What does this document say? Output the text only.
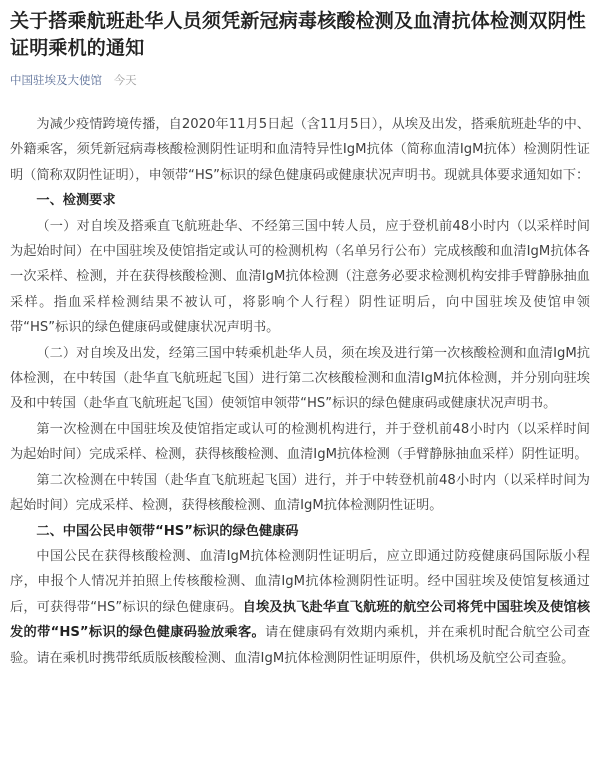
关于搭乘航班赴华人员须凭新冠病毒核酸检测及血清抗体检测双阴性证明乘机的通知
中国驻埃及大使馆 今天

为减少疫情跨境传播，自2020年11月5日起（含11月5日），从埃及出发，搭乘航班赴华的中、外籍乘客，须凭新冠病毒核酸检测阴性证明和血清特异性IgM抗体（简称血清IgM抗体）检测阴性证明（简称双阴性证明），申领带“HS”标识的绿色健康码或健康状况声明书。现就具体要求通知如下：

一、检测要求

（一）对自埃及搭乘直飞航班赴华、不经第三国中转人员，应于登机前48小时内（以采样时间为起始时间）在中国驻埃及使馆指定或认可的检测机构（名单另行公布）完成核酸和血清IgM抗体各一次采样、检测，并在获得核酸检测、血清IgM抗体检测（注意务必要求检测机构安排手臂静脉抽血采样。指血采样检测结果不被认可，将影响个人行程）阴性证明后，向中国驻埃及使馆申领带“HS”标识的绿色健康码或健康状况声明书。

（二）对自埃及出发，经第三国中转乘机赴华人员，须在埃及进行第一次核酸检测和血清IgM抗体检测，在中转国（赴华直飞航班起飞国）进行第二次核酸检测和血清IgM抗体检测，并分别向驻埃及和中转国（赴华直飞航班起飞国）使领馆申领带“HS”标识的绿色健康码或健康状况声明书。

第一次检测在中国驻埃及使馆指定或认可的检测机构进行，并于登机前48小时内（以采样时间为起始时间）完成采样、检测，获得核酸检测、血清IgM抗体检测（手臂静脉抽血采样）阴性证明。

第二次检测在中转国（赴华直飞航班起飞国）进行，并于中转登机前48小时内（以采样时间为起始时间）完成采样、检测，获得核酸检测、血清IgM抗体检测阴性证明。

二、中国公民申领带“HS”标识的绿色健康码

中国公民在获得核酸检测、血清IgM抗体检测阴性证明后，应立即通过防疫健康码国际版小程序，申报个人情况并拍照上传核酸检测、血清IgM抗体检测阴性证明。经中国驻埃及使馆复核通过后，可获得带“HS”标识的绿色健康码。自埃及执飞赴华直飞航班的航空公司将凭中国驻埃及使馆核发的带“HS”标识的绿色健康码验放乘客。请在健康码有效期内乘机，并在乘机时配合航空公司查验。请在乘机时携带纸质版核酸检测、血清IgM抗体检测阴性证明原件，供机场及航空公司查验。
